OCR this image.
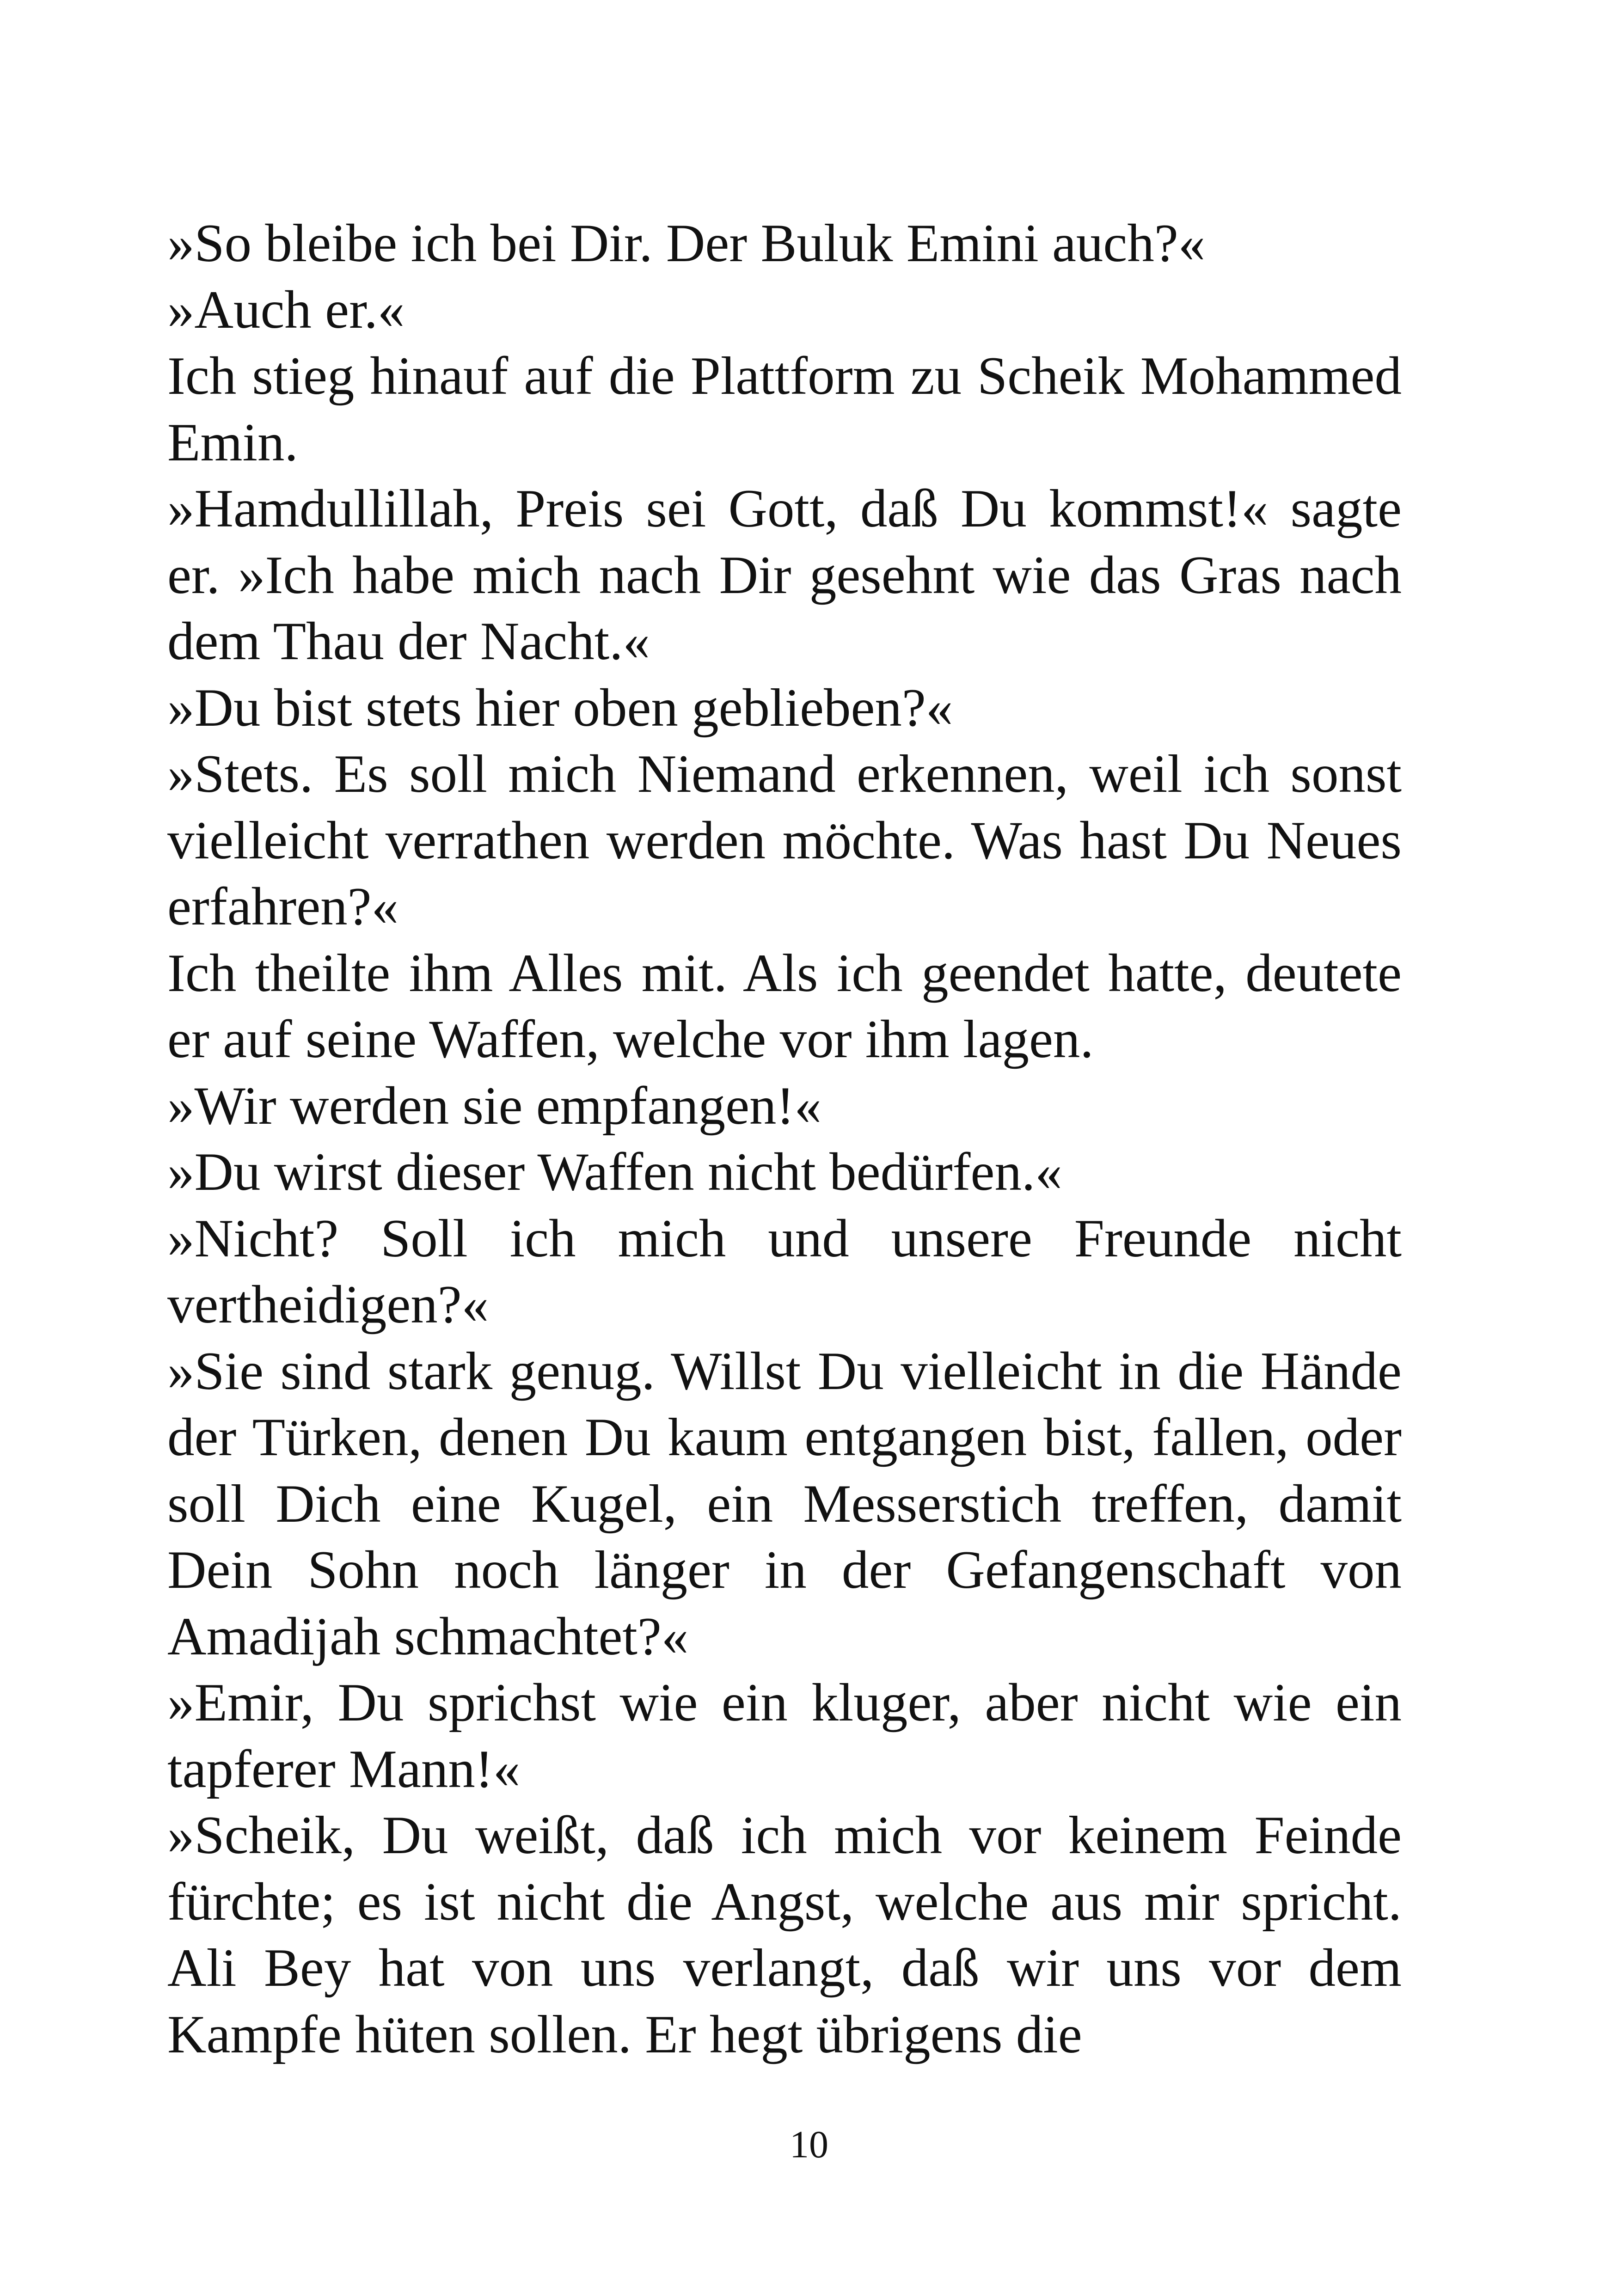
»So bleibe ich bei Dir. Der Buluk Emini auch?«

»Auch er.«

Ich stieg hinauf auf die Plattform zu Scheik Mohammed Emin.

»Hamdullillah, Preis sei Gott, daß Du kommst!« sagte er. »Ich habe mich nach Dir gesehnt wie das Gras nach dem Thau der Nacht.«

»Du bist stets hier oben geblieben?«

»Stets. Es soll mich Niemand erkennen, weil ich sonst vielleicht verrathen werden möchte. Was hast Du Neues erfahren?«

Ich theilte ihm Alles mit. Als ich geendet hatte, deutete er auf seine Waffen, welche vor ihm lagen.

»Wir werden sie empfangen!«

»Du wirst dieser Waffen nicht bedürfen.«

»Nicht? Soll ich mich und unsere Freunde nicht vertheidigen?«

»Sie sind stark genug. Willst Du vielleicht in die Hände der Türken, denen Du kaum entgangen bist, fallen, oder soll Dich eine Kugel, ein Messerstich treffen, damit Dein Sohn noch länger in der Gefangenschaft von Amadijah schmachtet?«

»Emir, Du sprichst wie ein kluger, aber nicht wie ein tapferer Mann!«

»Scheik, Du weißt, daß ich mich vor keinem Feinde fürchte; es ist nicht die Angst, welche aus mir spricht. Ali Bey hat von uns verlangt, daß wir uns vor dem Kampfe hüten sollen. Er hegt übrigens die

10
